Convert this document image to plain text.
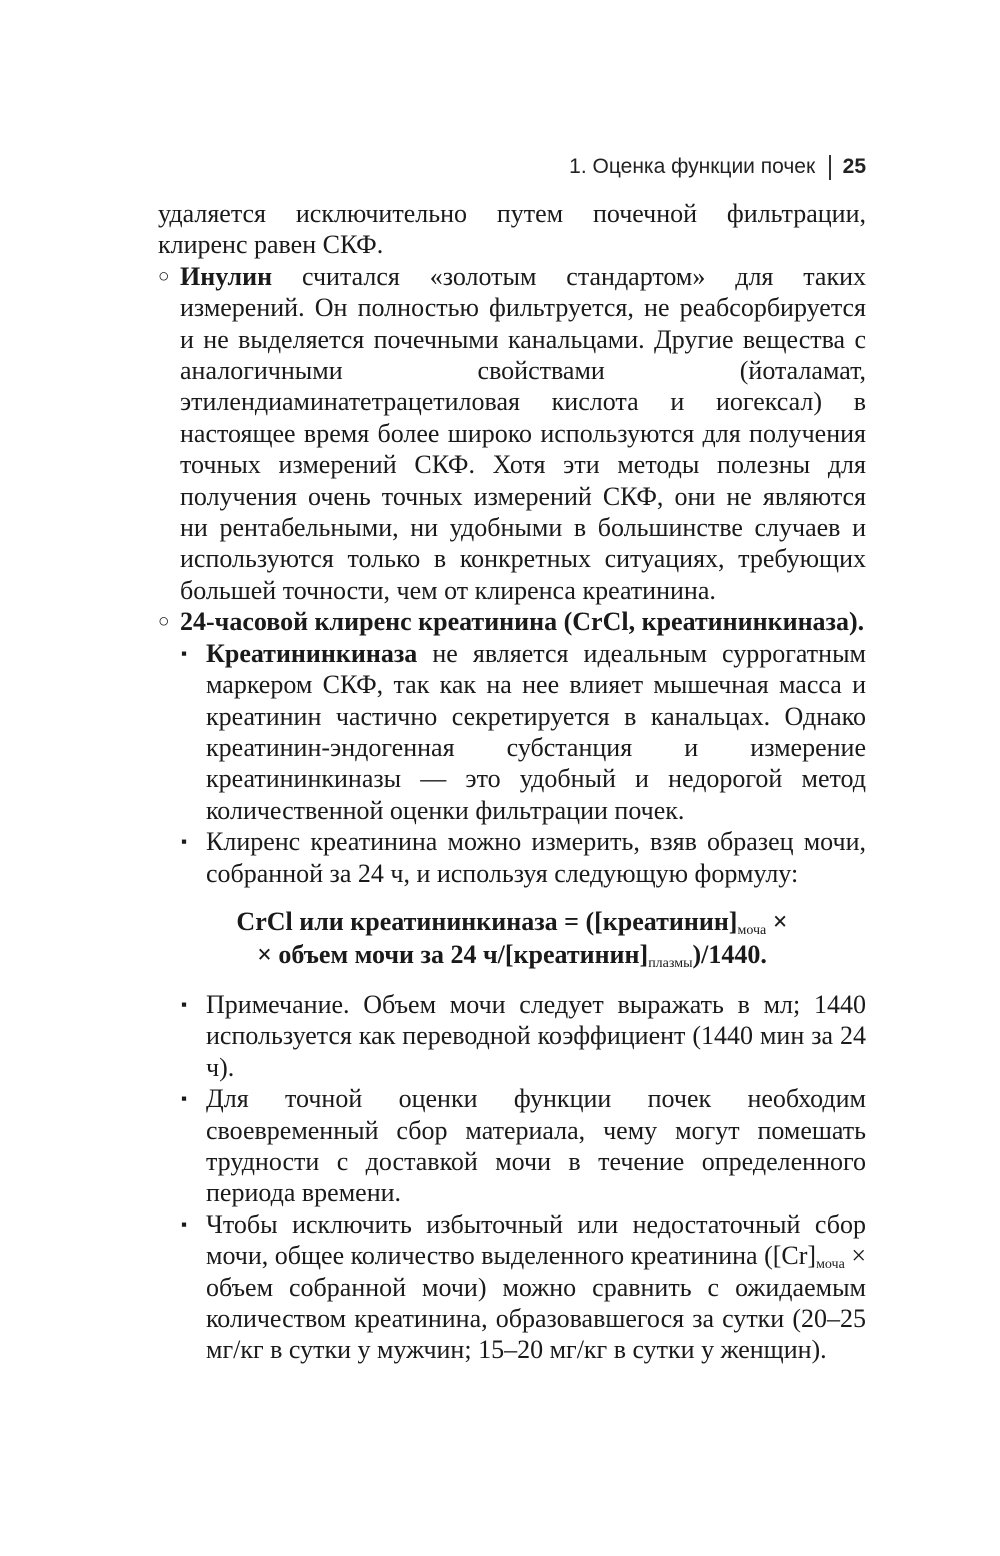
1. Оценка функции почек 25

удаляется исключительно путем почечной фильтрации, клиренс равен СКФ.

○ Инулин считался «золотым стандартом» для таких измерений. Он полностью фильтруется, не реабсорбируется и не выделяется почечными канальцами. Другие вещества с аналогичными свойствами (йоталамат, этилендиаминатетрацетиловая кислота и иогексал) в настоящее время более широко используются для получения точных измерений СКФ. Хотя эти методы полезны для получения очень точных измерений СКФ, они не являются ни рентабельными, ни удобными в большинстве случаев и используются только в конкретных ситуациях, требующих большей точности, чем от клиренса креатинина.
○ 24-часовой клиренс креатинина (CrCl, креатининкиназа).
▪ Креатининкиназа не является идеальным суррогатным маркером СКФ, так как на нее влияет мышечная масса и креатинин частично секретируется в канальцах. Однако креатинин-эндогенная субстанция и измерение креатининкиназы — это удобный и недорогой метод количественной оценки фильтрации почек.
▪ Клиренс креатинина можно измерить, взяв образец мочи, собранной за 24 ч, и используя следующую формулу:
CrCl или креатининкиназа = ($[креатинин]_{моча}$ ×
× объем мочи за 24 $ч/[креатинин]_{плазмы})/1440$.
▪ Примечание. Объем мочи следует выражать в мл; 1440 используется как переводной коэффициент (1440 мин за 24 ч).
▪ Для точной оценки функции почек необходим своевременный сбор материала, чему могут помешать трудности с доставкой мочи в течение определенного периода времени.
▪ Чтобы исключить избыточный или недостаточный сбор мочи, общее количество выделенного креатинина ([Cr]моча × объем собранной мочи) можно сравнить с ожидаемым количеством креатинина, образовавшегося за сутки (20–25 мг/кг в сутки у мужчин; 15–20 мг/кг в сутки у женщин).
